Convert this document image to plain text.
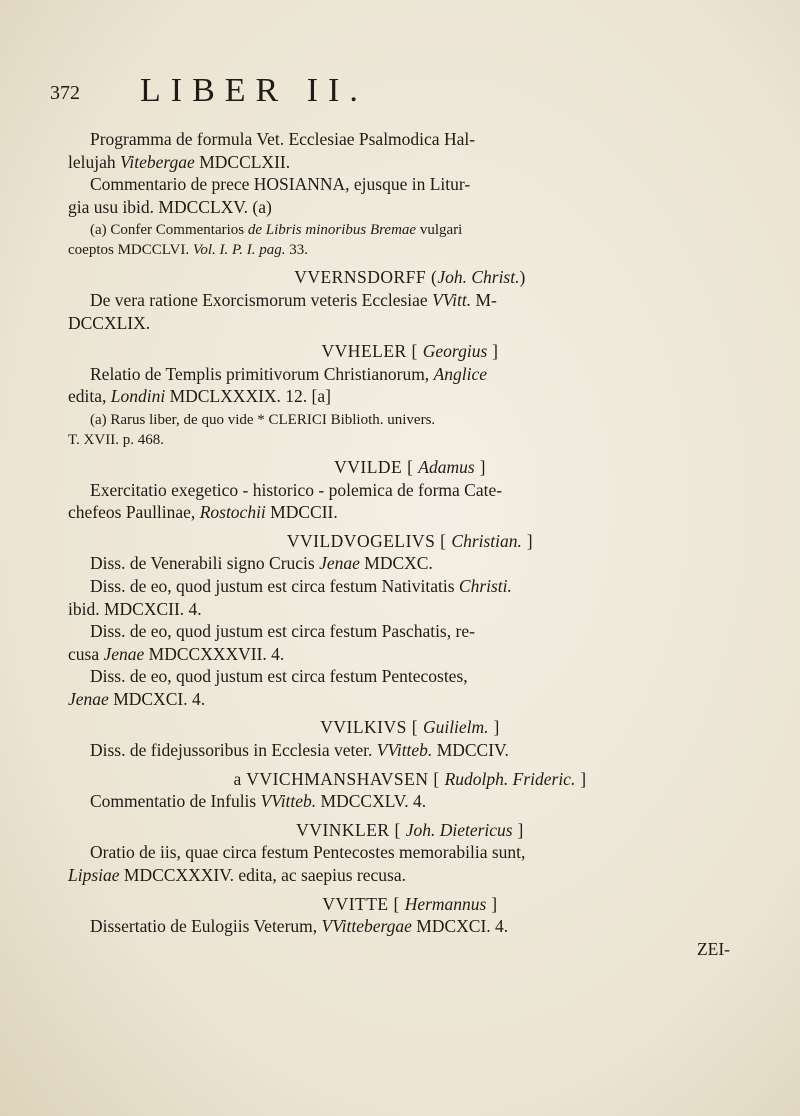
372 LIBER II.

Programma de formula Vet. Ecclesiae Psalmodica Hal-

lelujah Vitebergae MDCCLXII.

Commentario de prece HOSIANNA, ejusque in Litur-

gia usu ibid. MDCCLXV. (a)

(a) Confer Commentarios de Libris minoribus Bremae vulgari

coeptos MDCCLVI. Vol. I. P. I. pag. 33.

VVERNSDORFF (Joh. Christ.)

De vera ratione Exorcismorum veteris Ecclesiae VVitt. M-

DCCXLIX.

VVHELER [ Georgius ]

Relatio de Templis primitivorum Christianorum, Anglice

edita, Londini MDCLXXXIX. 12. [a]

(a) Rarus liber, de quo vide * CLERICI Biblioth. univers.

T. XVII. p. 468.

VVILDE [ Adamus ]

Exercitatio exegetico - historico - polemica de forma Cate-

chefeos Paullinae, Rostochii MDCCII.

VVILDVOGELIVS [ Christian. ]

Diss. de Venerabili signo Crucis Jenae MDCXC.

Diss. de eo, quod justum est circa festum Nativitatis Christi.

ibid. MDCXCII. 4.

Diss. de eo, quod justum est circa festum Paschatis, re-

cusa Jenae MDCCXXXVII. 4.

Diss. de eo, quod justum est circa festum Pentecostes,

Jenae MDCXCI. 4.

VVILKIVS [ Guilielm. ]

Diss. de fidejussoribus in Ecclesia veter. VVitteb. MDCCIV.

a VVICHMANSHAVSEN [ Rudolph. Frideric. ]

Commentatio de Infulis VVitteb. MDCCXLV. 4.

VVINKLER [ Joh. Dietericus ]

Oratio de iis, quae circa festum Pentecostes memorabilia sunt,

Lipsiae MDCCXXXIV. edita, ac saepius recusa.

VVITTE [ Hermannus ]

Dissertatio de Eulogiis Veterum, VVittebergae MDCXCI. 4.

ZEI-
